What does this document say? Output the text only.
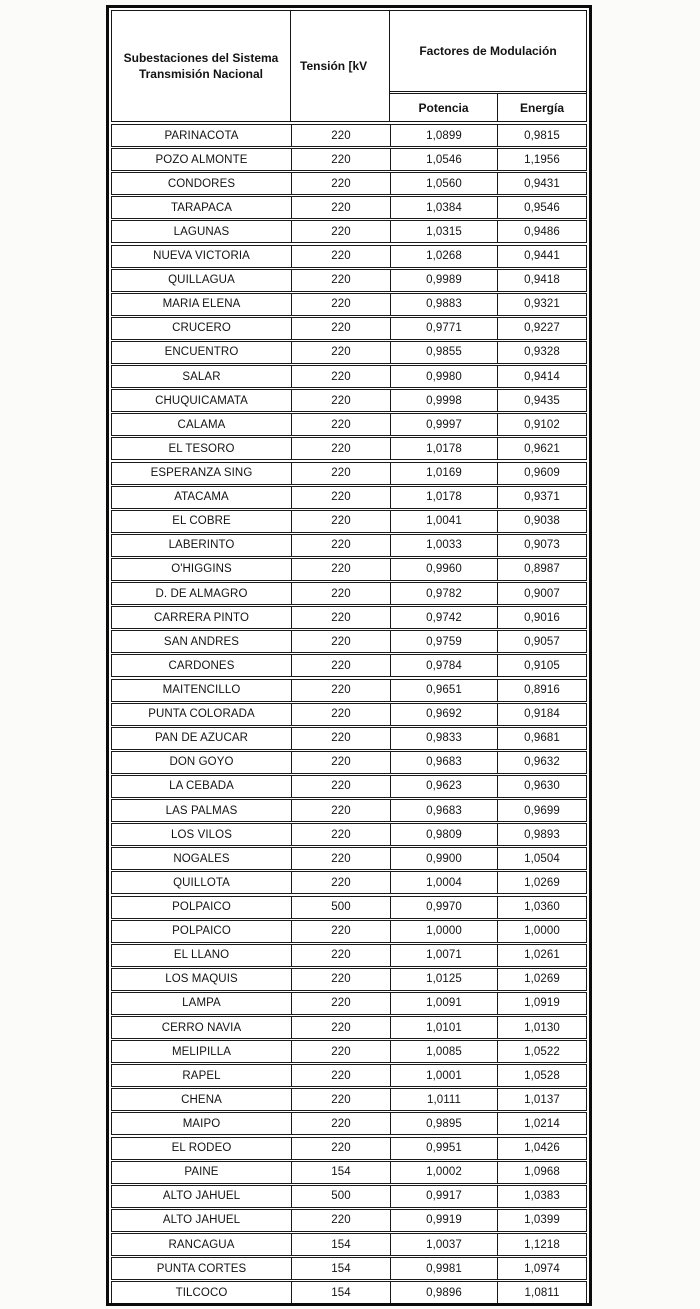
Subestaciones del Sistema Transmisión Nacional
Tensión [kV
Factores de Modulación
Potencia	Energía
PARINACOTA	220	1,0899	0,9815
POZO ALMONTE	220	1,0546	1,1956
CONDORES	220	1,0560	0,9431
TARAPACA	220	1,0384	0,9546
LAGUNAS	220	1,0315	0,9486
NUEVA VICTORIA	220	1,0268	0,9441
QUILLAGUA	220	0,9989	0,9418
MARIA ELENA	220	0,9883	0,9321
CRUCERO	220	0,9771	0,9227
ENCUENTRO	220	0,9855	0,9328
SALAR	220	0,9980	0,9414
CHUQUICAMATA	220	0,9998	0,9435
CALAMA	220	0,9997	0,9102
EL TESORO	220	1,0178	0,9621
ESPERANZA SING	220	1,0169	0,9609
ATACAMA	220	1,0178	0,9371
EL COBRE	220	1,0041	0,9038
LABERINTO	220	1,0033	0,9073
O'HIGGINS	220	0,9960	0,8987
D. DE ALMAGRO	220	0,9782	0,9007
CARRERA PINTO	220	0,9742	0,9016
SAN ANDRES	220	0,9759	0,9057
CARDONES	220	0,9784	0,9105
MAITENCILLO	220	0,9651	0,8916
PUNTA COLORADA	220	0,9692	0,9184
PAN DE AZUCAR	220	0,9833	0,9681
DON GOYO	220	0,9683	0,9632
LA CEBADA	220	0,9623	0,9630
LAS PALMAS	220	0,9683	0,9699
LOS VILOS	220	0,9809	0,9893
NOGALES	220	0,9900	1,0504
QUILLOTA	220	1,0004	1,0269
POLPAICO	500	0,9970	1,0360
POLPAICO	220	1,0000	1,0000
EL LLANO	220	1,0071	1,0261
LOS MAQUIS	220	1,0125	1,0269
LAMPA	220	1,0091	1,0919
CERRO NAVIA	220	1,0101	1,0130
MELIPILLA	220	1,0085	1,0522
RAPEL	220	1,0001	1,0528
CHENA	220	1,0111	1,0137
MAIPO	220	0,9895	1,0214
EL RODEO	220	0,9951	1,0426
PAINE	154	1,0002	1,0968
ALTO JAHUEL	500	0,9917	1,0383
ALTO JAHUEL	220	0,9919	1,0399
RANCAGUA	154	1,0037	1,1218
PUNTA CORTES	154	0,9981	1,0974
TILCOCO	154	0,9896	1,0811
